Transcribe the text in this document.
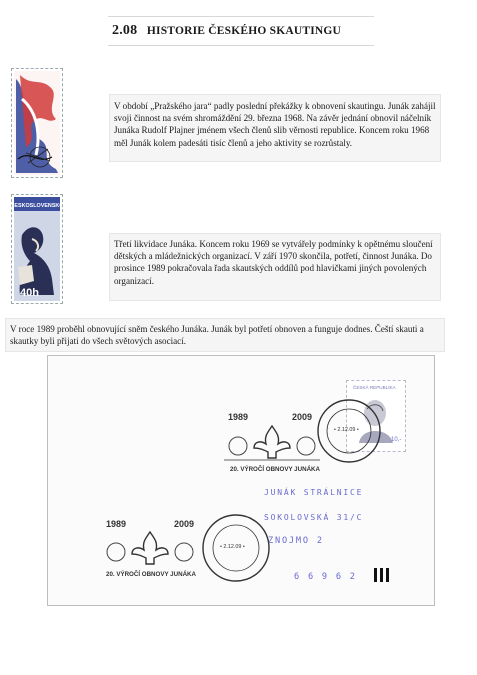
2.08 HISTORIE ČESKÉHO SKAUTINGU
V období „Pražského jara“ padly poslední překážky k obnovení skautingu. Junák zahájil svoji činnost na svém shromáždění 29. března 1968. Na závěr jednání obnovil náčelník Junáka Rudolf Plajner jménem všech členů slib věrnosti republice. Koncem roku 1968 měl Junák kolem padesáti tisíc členů a jeho aktivity se rozrůstaly.
ČESKOSLOVENSKO
40h
Třetí likvidace Junáka. Koncem roku 1969 se vytvářely podmínky k opětnému sloučení dětských a mládežnických organizací. V září 1970 skončila, potřetí, činnost Junáka. Do prosince 1989 pokračovala řada skautských oddílů pod hlavičkami jiných povolených organizací.
V roce 1989 proběhl obnovující sněm českého Junáka. Junák byl potřetí obnoven a funguje dodnes. Čeští skauti a skautky byli přijati do všech světových asociací.
ČESKÁ REPUBLIKA
10,-
• 2.12.09 •
1989	2009
20. VÝROČÍ OBNOVY JUNÁKA
1989	2009
20. VÝROČÍ OBNOVY JUNÁKA
• 2.12.09 •
JUNÁK STRÁLNICE
SOKOLOVSKÁ 31/C
ZNOJMO 2
6 6 9 6 2
